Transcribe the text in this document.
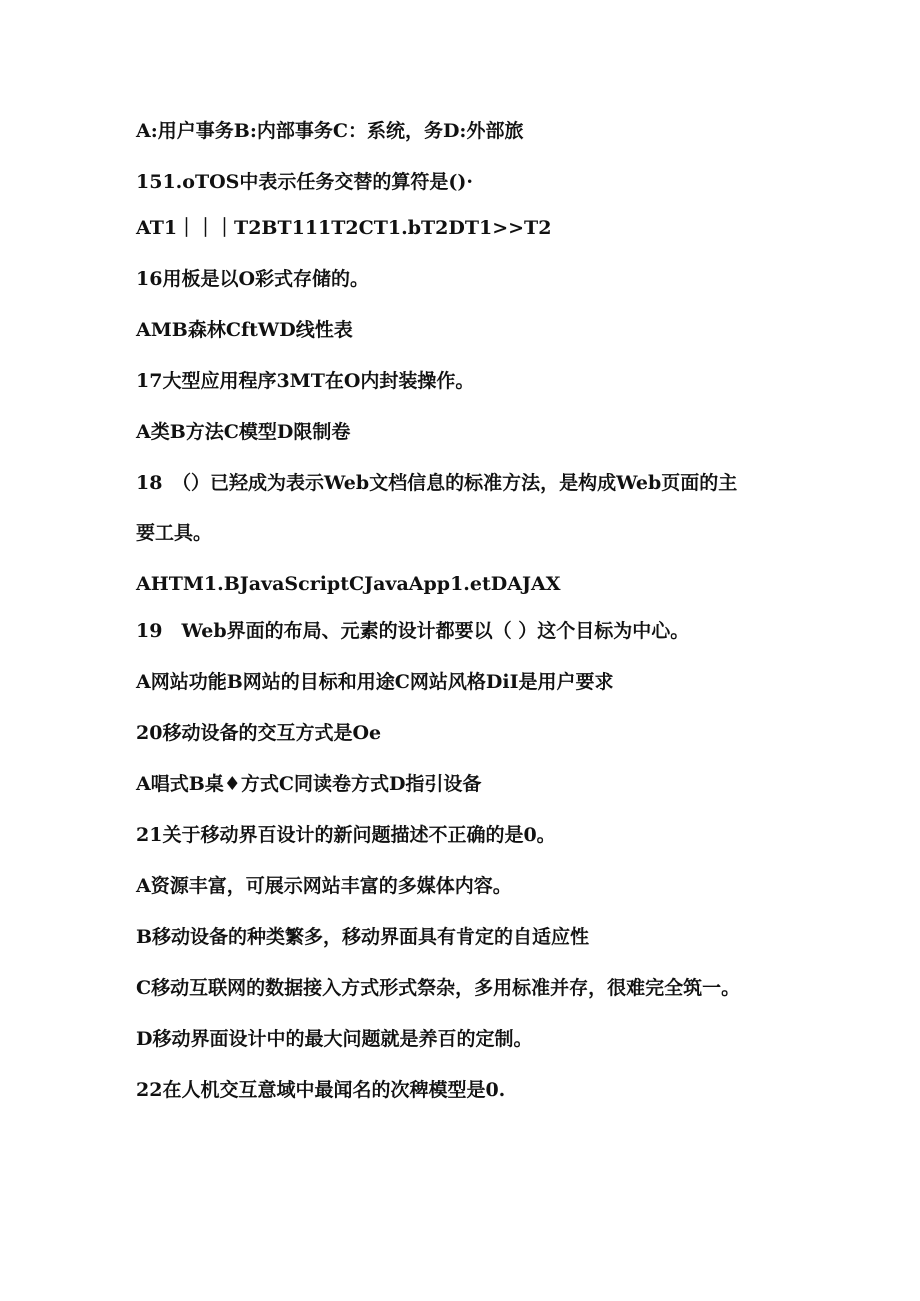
A:用户事务B:内部事务C：系统，务D:外部旅

151.oTOS中表示任务交替的算符是()·

AT1｜｜｜T2BT111T2CT1.bT2DT1>>T2

16用板是以O彩式存储的。

AMB森林CftWD线性表

17大型应用程序3MT在O内封装操作。

A类B方法C模型D限制卷

18　（）已羟成为表示Web文档信息的标准方法，是构成Web页面的主

要工具。

AHTM1.BJavaScriptCJavaApp1.etDAJAX

19　Web界面的布局、元素的设计都要以（ ）这个目标为中心。

A网站功能B网站的目标和用途C网站风格DiI是用户要求

20移动设备的交互方式是Oe

A唱式B桌♦方式C同读卷方式D指引设备

21关于移动界百设计的新问题描述不正确的是0。

A资源丰富，可展示网站丰富的多媒体内容。

B移动设备的种类繁多，移动界面具有肯定的自适应性

C移动互联网的数据接入方式形式祭杂，多用标准并存，很难完全筑一。

D移动界面设计中的最大问题就是养百的定制。

22在人机交互意域中最闻名的次稗模型是0.
